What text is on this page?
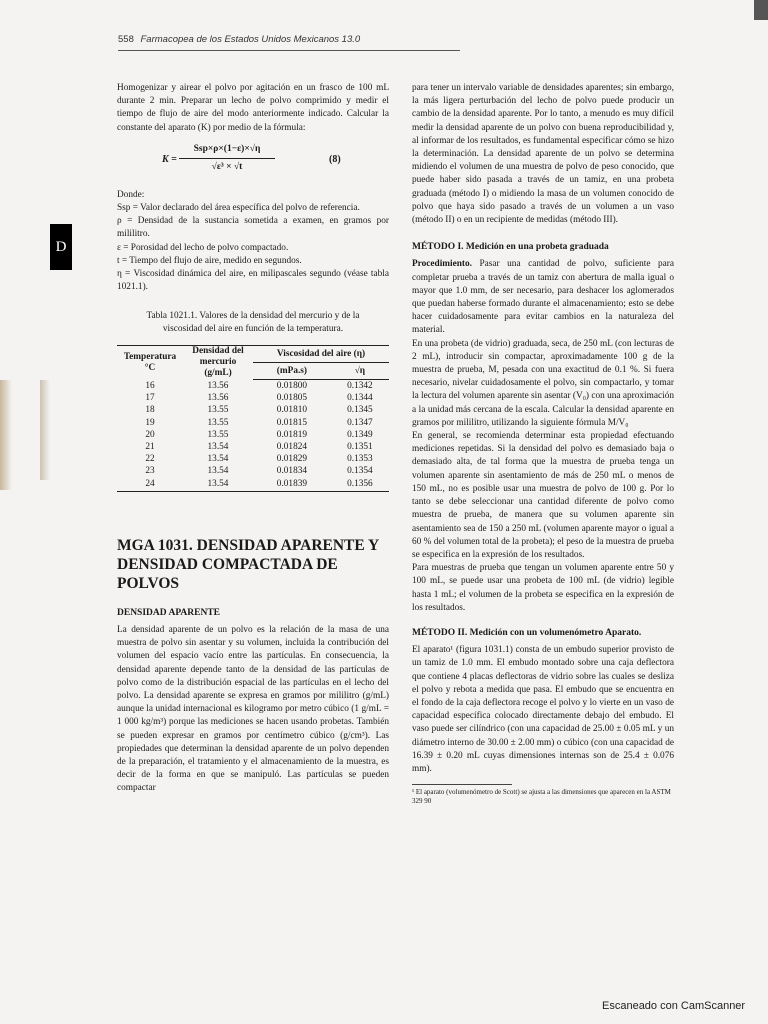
558 Farmacopea de los Estados Unidos Mexicanos 13.0
D

Homogenizar y airear el polvo por agitación en un frasco de 100 mL durante 2 min. Preparar un lecho de polvo comprimido y medir el tiempo de flujo de aire del modo anteriormente indicado. Calcular la constante del aparato (K) por medio de la fórmula:

K =
Ssp×ρ×(1−ε)×√η
√ε³ × √t
(8)

Donde:

Ssp = Valor declarado del área específica del polvo de referencia.

ρ = Densidad de la sustancia sometida a examen, en gramos por mililitro.

ε = Porosidad del lecho de polvo compactado.

t = Tiempo del flujo de aire, medido en segundos.

η = Viscosidad dinámica del aire, en milipascales segundo (véase tabla 1021.1).

Tabla 1021.1. Valores de la densidad del mercurio y de la viscosidad del aire en función de la temperatura.
Temperatura °C	Densidad del mercurio (g/mL)	Viscosidad del aire (η)	
		(mPa.s)	√η
16	13.56	0.01800	0.1342
17	13.56	0.01805	0.1344
18	13.55	0.01810	0.1345
19	13.55	0.01815	0.1347
20	13.55	0.01819	0.1349
21	13.54	0.01824	0.1351
22	13.54	0.01829	0.1353
23	13.54	0.01834	0.1354
24	13.54	0.01839	0.1356
MGA 1031. DENSIDAD APARENTE Y DENSIDAD COMPACTADA DE POLVOS
DENSIDAD APARENTE

La densidad aparente de un polvo es la relación de la masa de una muestra de polvo sin asentar y su volumen, incluida la contribución del volumen del espacio vacío entre las partículas. En consecuencia, la densidad aparente depende tanto de la densidad de las partículas de polvo como de la distribución espacial de las partículas en el lecho del polvo. La densidad aparente se expresa en gramos por mililitro (g/mL) aunque la unidad internacional es kilogramo por metro cúbico (1 g/mL = 1 000 kg/m³) porque las mediciones se hacen usando probetas. También se pueden expresar en gramos por centímetro cúbico (g/cm³). Las propiedades que determinan la densidad aparente de un polvo dependen de la preparación, el tratamiento y el almacenamiento de la muestra, es decir de la forma en que se manipuló. Las partículas se pueden compactar

para tener un intervalo variable de densidades aparentes; sin embargo, la más ligera perturbación del lecho de polvo puede producir un cambio de la densidad aparente. Por lo tanto, a menudo es muy difícil medir la densidad aparente de un polvo con buena reproducibilidad y, al informar de los resultados, es fundamental especificar cómo se hizo la determinación. La densidad aparente de un polvo se determina midiendo el volumen de una muestra de polvo de peso conocido, que puede haber sido pasada a través de un tamiz, en una probeta graduada (método I) o midiendo la masa de un volumen conocido de polvo que haya sido pasado a través de un volumen a un vaso (método II) o en un recipiente de medidas (método III).

MÉTODO I. Medición en una probeta graduada

Procedimiento. Pasar una cantidad de polvo, suficiente para completar prueba a través de un tamiz con abertura de malla igual o mayor que 1.0 mm, de ser necesario, para deshacer los aglomerados que puedan haberse formado durante el almacenamiento; esto se debe hacer cuidadosamente para evitar cambios en la naturaleza del material.

En una probeta (de vidrio) graduada, seca, de 250 mL (con lecturas de 2 mL), introducir sin compactar, aproximadamente 100 g de la muestra de prueba, M, pesada con una exactitud de 0.1 %. Si fuera necesario, nivelar cuidadosamente el polvo, sin compactarlo, y tomar la lectura del volumen aparente sin asentar (V₀) con una aproximación a la unidad más cercana de la escala. Calcular la densidad aparente en gramos por mililitro, utilizando la siguiente fórmula M/V₀

En general, se recomienda determinar esta propiedad efectuando mediciones repetidas. Si la densidad del polvo es demasiado baja o demasiado alta, de tal forma que la muestra de prueba tenga un volumen aparente sin asentamiento de más de 250 mL o menos de 150 mL, no es posible usar una muestra de polvo de 100 g. Por lo tanto se debe seleccionar una cantidad diferente de polvo como muestra de prueba, de manera que su volumen aparente sin asentamiento sea de 150 a 250 mL (volumen aparente mayor o igual a 60 % del volumen total de la probeta); el peso de la muestra de prueba se especifica en la expresión de los resultados.

Para muestras de prueba que tengan un volumen aparente entre 50 y 100 mL, se puede usar una probeta de 100 mL (de vidrio) legible hasta 1 mL; el volumen de la probeta se especifica en la expresión de los resultados.

MÉTODO II. Medición con un volumenómetro Aparato.

El aparato¹ (figura 1031.1) consta de un embudo superior provisto de un tamiz de 1.0 mm. El embudo montado sobre una caja deflectora que contiene 4 placas deflectoras de vidrio sobre las cuales se desliza el polvo y rebota a medida que pasa. El embudo que se encuentra en el fondo de la caja deflectora recoge el polvo y lo vierte en un vaso de capacidad específica colocado directamente debajo del embudo. El vaso puede ser cilíndrico (con una capacidad de 25.00 ± 0.05 mL y un diámetro interno de 30.00 ± 2.00 mm) o cúbico (con una capacidad de 16.39 ± 0.20 mL cuyas dimensiones internas son de 25.4 ± 0.076 mm).

¹ El aparato (volumenómetro de Scott) se ajusta a las dimensiones que aparecen en la ASTM 329 90
Escaneado con CamScanner
